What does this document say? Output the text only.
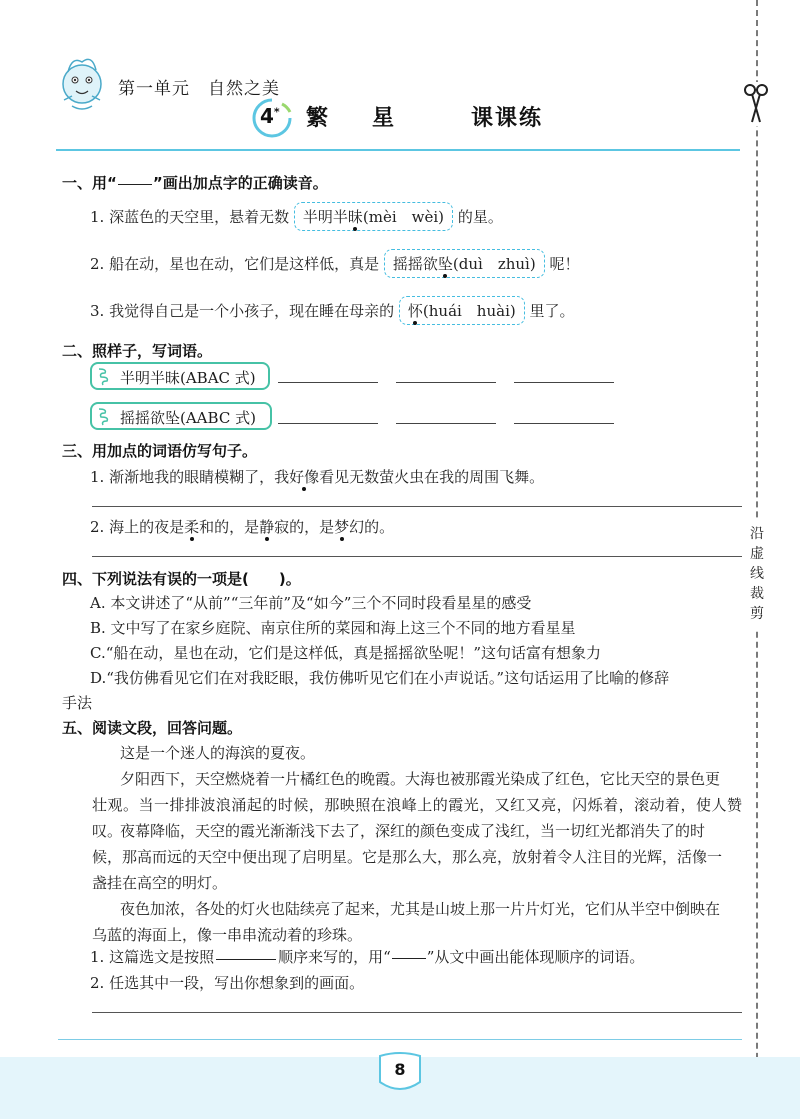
第一单元　自然之美
4* 繁星 课课练
沿虚线裁剪
一、用“ ”画出加点字的正确读音。
1. 深蓝色的天空里，悬着无数 半明半昧(mèi　wèi) 的星。
2. 船在动，星也在动，它们是这样低，真是 摇摇欲坠(duì　zhuì) 呢！
3. 我觉得自己是一个小孩子，现在睡在母亲的 怀(huái　huài) 里了。
二、照样子，写词语。
半明半昧(ABAC 式)
摇摇欲坠(AABC 式)
三、用加点的词语仿写句子。
1. 渐渐地我的眼睛模糊了，我好像看见无数萤火虫在我的周围飞舞。
2. 海上的夜是柔和的，是静寂的，是梦幻的。
四、下列说法有误的一项是( )。
A. 本文讲述了“从前”“三年前”及“如今”三个不同时段看星星的感受
B. 文中写了在家乡庭院、南京住所的菜园和海上这三个不同的地方看星星
C.“船在动，星也在动，它们是这样低，真是摇摇欲坠呢！”这句话富有想象力
D.“我仿佛看见它们在对我眨眼，我仿佛听见它们在小声说话。”这句话运用了比喻的修辞
手法
五、阅读文段，回答问题。

这是一个迷人的海滨的夏夜。

夕阳西下，天空燃烧着一片橘红色的晚霞。大海也被那霞光染成了红色，它比天空的景色更

壮观。当一排排波浪涌起的时候，那映照在浪峰上的霞光，又红又亮，闪烁着，滚动着，使人赞叹。

夜幕降临，天空的霞光渐渐浅下去了，深红的颜色变成了浅红，当一切红光都消失了的时

候，那高而远的天空中便出现了启明星。它是那么大，那么亮，放射着令人注目的光辉，活像一

盏挂在高空的明灯。

夜色加浓，各处的灯火也陆续亮了起来，尤其是山坡上那一片片灯光，它们从半空中倒映在

乌蓝的海面上，像一串串流动着的珍珠。

1. 这篇选文是按照	顺序来写的，用“ ”从文中画出能体现顺序的词语。
2. 任选其中一段，写出你想象到的画面。
8
